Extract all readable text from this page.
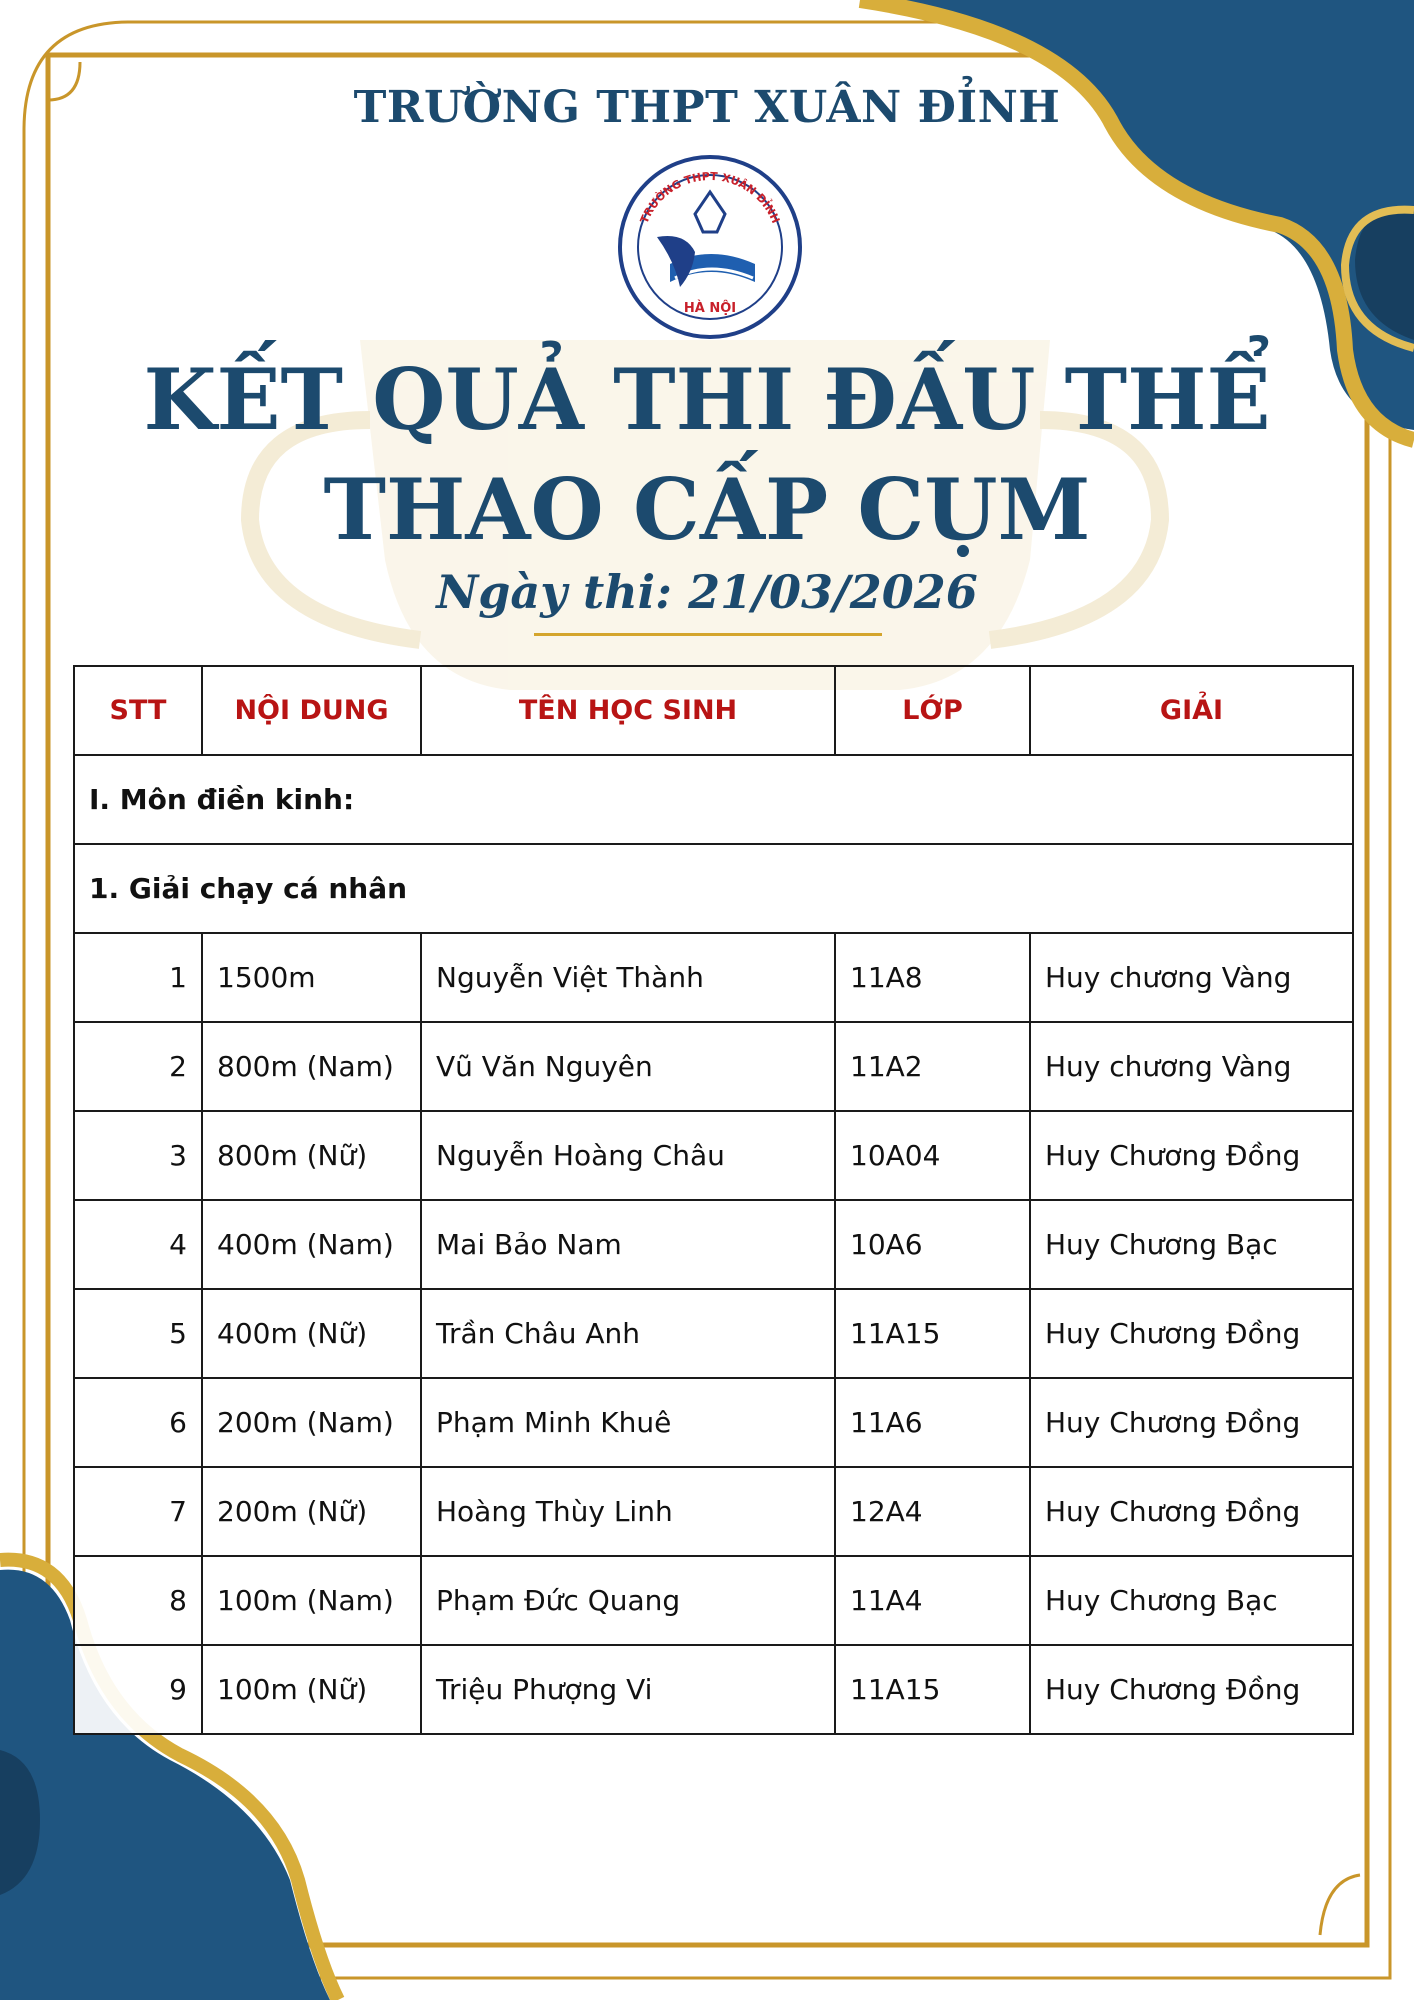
TRƯỜNG THPT XUÂN ĐỈNH
TRƯỜNG THPT XUÂN ĐỈNH
HÀ NỘI
KẾT QUẢ THI ĐẤU THỂ
THAO CẤP CỤM
Ngày thi: 21/03/2026
STT	NỘI DUNG	TÊN HỌC SINH	LỚP	GIẢI
I. Môn điền kinh:				
1. Giải chạy cá nhân				
1	1500m	Nguyễn Việt Thành	11A8	Huy chương Vàng
2	800m (Nam)	Vũ Văn Nguyên	11A2	Huy chương Vàng
3	800m (Nữ)	Nguyễn Hoàng Châu	10A04	Huy Chương Đồng
4	400m (Nam)	Mai Bảo Nam	10A6	Huy Chương Bạc
5	400m (Nữ)	Trần Châu Anh	11A15	Huy Chương Đồng
6	200m (Nam)	Phạm Minh Khuê	11A6	Huy Chương Đồng
7	200m (Nữ)	Hoàng Thùy Linh	12A4	Huy Chương Đồng
8	100m (Nam)	Phạm Đức Quang	11A4	Huy Chương Bạc
9	100m (Nữ)	Triệu Phượng Vi	11A15	Huy Chương Đồng
